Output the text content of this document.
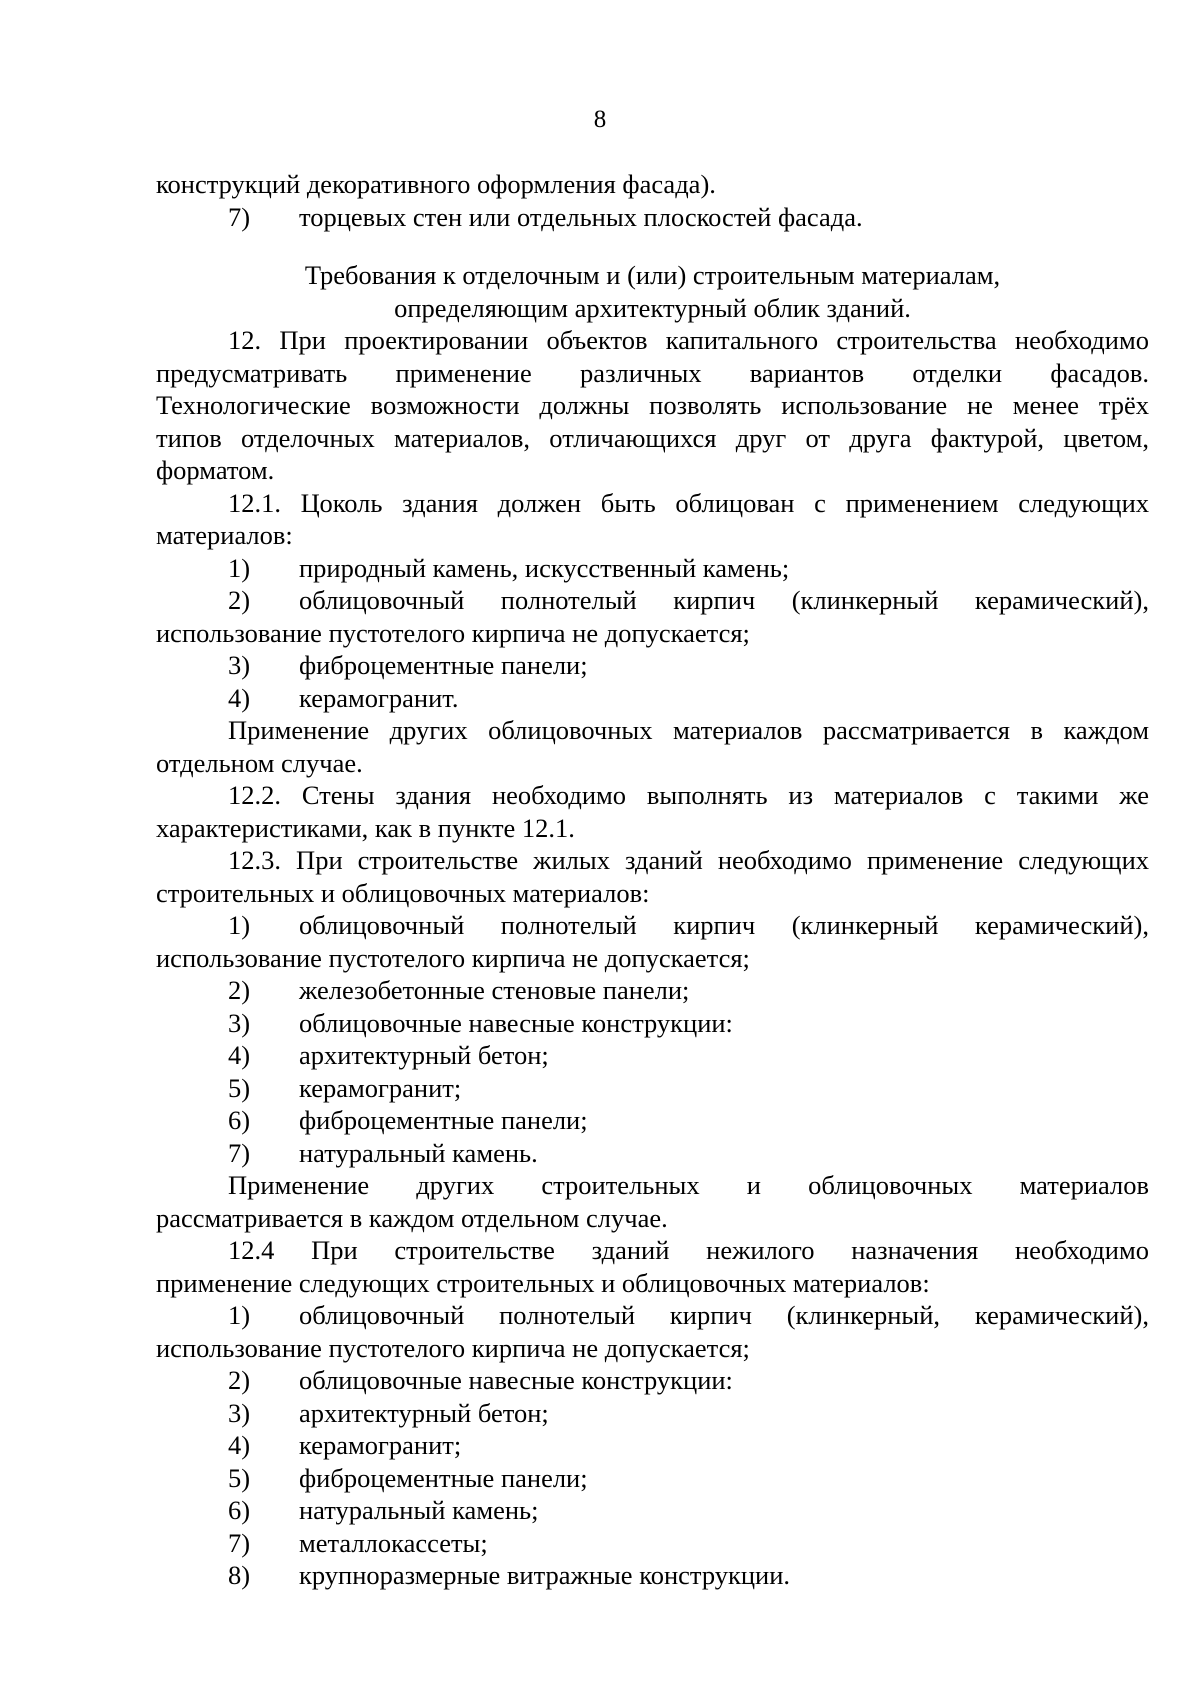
8
конструкций декоративного оформления фасада).
7) торцевых стен или отдельных плоскостей фасада.
Требования к отделочным и (или) строительным материалам,
определяющим архитектурный облик зданий.
12. При проектировании объектов капитального строительства необходимо
предусматривать применение различных вариантов отделки фасадов.
Технологические возможности должны позволять использование не менее трёх
типов отделочных материалов, отличающихся друг от друга фактурой, цветом,
форматом.
12.1. Цоколь здания должен быть облицован с применением следующих
материалов:
1) природный камень, искусственный камень;
2) облицовочный полнотелый кирпич (клинкерный керамический),
использование пустотелого кирпича не допускается;
3) фиброцементные панели;
4) керамогранит.
Применение других облицовочных материалов рассматривается в каждом
отдельном случае.
12.2. Стены здания необходимо выполнять из материалов с такими же
характеристиками, как в пункте 12.1.
12.3. При строительстве жилых зданий необходимо применение следующих
строительных и облицовочных материалов:
1) облицовочный полнотелый кирпич (клинкерный керамический),
использование пустотелого кирпича не допускается;
2) железобетонные стеновые панели;
3) облицовочные навесные конструкции:
4) архитектурный бетон;
5) керамогранит;
6) фиброцементные панели;
7) натуральный камень.
Применение других строительных и облицовочных материалов
рассматривается в каждом отдельном случае.
12.4 При строительстве зданий нежилого назначения необходимо
применение следующих строительных и облицовочных материалов:
1) облицовочный полнотелый кирпич (клинкерный, керамический),
использование пустотелого кирпича не допускается;
2) облицовочные навесные конструкции:
3) архитектурный бетон;
4) керамогранит;
5) фиброцементные панели;
6) натуральный камень;
7) металлокассеты;
8) крупноразмерные витражные конструкции.
